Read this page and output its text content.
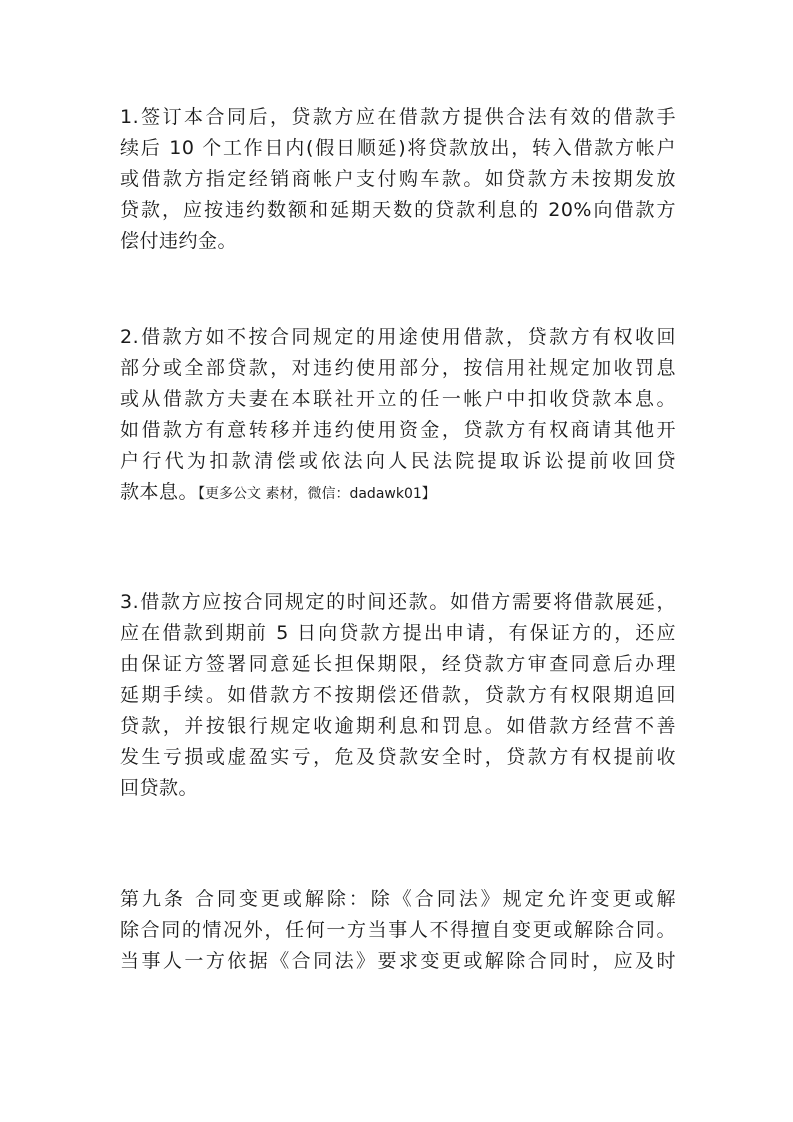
1.签订本合同后，贷款方应在借款方提供合法有效的借款手
续后 10 个工作日内(假日顺延)将贷款放出，转入借款方帐户
或借款方指定经销商帐户支付购车款。如贷款方未按期发放
贷款，应按违约数额和延期天数的贷款利息的 20%向借款方
偿付违约金。
2.借款方如不按合同规定的用途使用借款，贷款方有权收回
部分或全部贷款，对违约使用部分，按信用社规定加收罚息
或从借款方夫妻在本联社开立的任一帐户中扣收贷款本息。
如借款方有意转移并违约使用资金，贷款方有权商请其他开
户行代为扣款清偿或依法向人民法院提取诉讼提前收回贷
款本息。【更多公文 素材，微信：dadawk01】
3.借款方应按合同规定的时间还款。如借方需要将借款展延，
应在借款到期前 5 日向贷款方提出申请，有保证方的，还应
由保证方签署同意延长担保期限，经贷款方审查同意后办理
延期手续。如借款方不按期偿还借款，贷款方有权限期追回
贷款，并按银行规定收逾期利息和罚息。如借款方经营不善
发生亏损或虚盈实亏，危及贷款安全时，贷款方有权提前收
回贷款。
第九条 合同变更或解除：除《合同法》规定允许变更或解
除合同的情况外，任何一方当事人不得擅自变更或解除合同。
当事人一方依据《合同法》要求变更或解除合同时，应及时
